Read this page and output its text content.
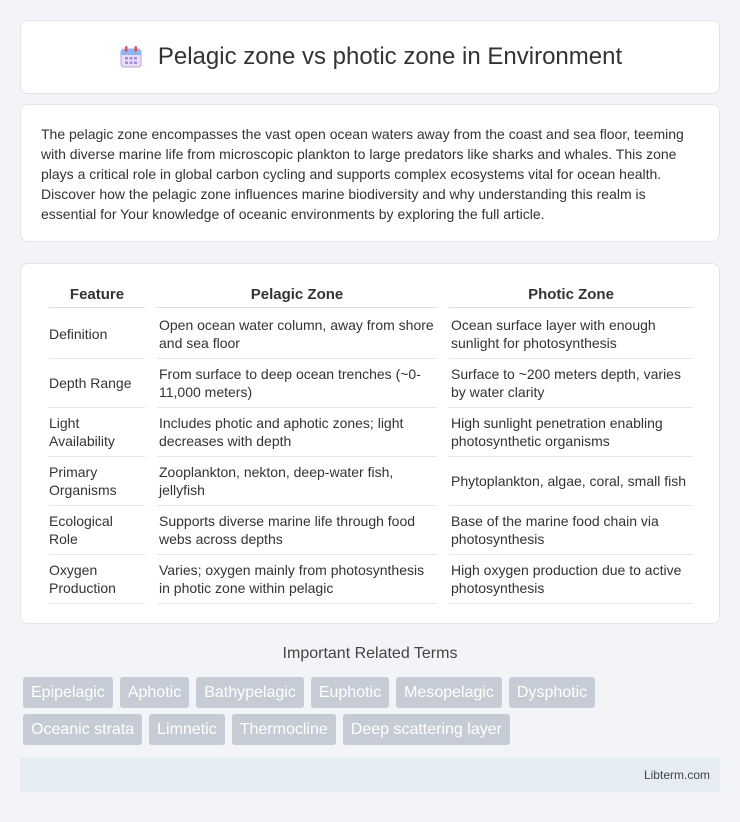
Pelagic zone vs photic zone in Environment

The pelagic zone encompasses the vast open ocean waters away from the coast and sea floor, teeming with diverse marine life from microscopic plankton to large predators like sharks and whales. This zone plays a critical role in global carbon cycling and supports complex ecosystems vital for ocean health. Discover how the pelagic zone influences marine biodiversity and why understanding this realm is essential for Your knowledge of oceanic environments by exploring the full article.

Feature	Pelagic Zone	Photic Zone

Definition	Open ocean water column, away from shore and sea floor	Ocean surface layer with enough sunlight for photosynthesis

Depth Range	From surface to deep ocean trenches (~0-11,000 meters)	Surface to ~200 meters depth, varies by water clarity

Light Availability	Includes photic and aphotic zones; light decreases with depth	High sunlight penetration enabling photosynthetic organisms

Primary Organisms	Zooplankton, nekton, deep-water fish, jellyfish	Phytoplankton, algae, coral, small fish

Ecological Role	Supports diverse marine life through food webs across depths	Base of the marine food chain via photosynthesis

Oxygen Production	Varies; oxygen mainly from photosynthesis in photic zone within pelagic	High oxygen production due to active photosynthesis
Important Related Terms
Epipelagic	Aphotic	Bathypelagic	Euphotic	Mesopelagic	Dysphotic
Oceanic strata	Limnetic	Thermocline	Deep scattering layer
Libterm.com
